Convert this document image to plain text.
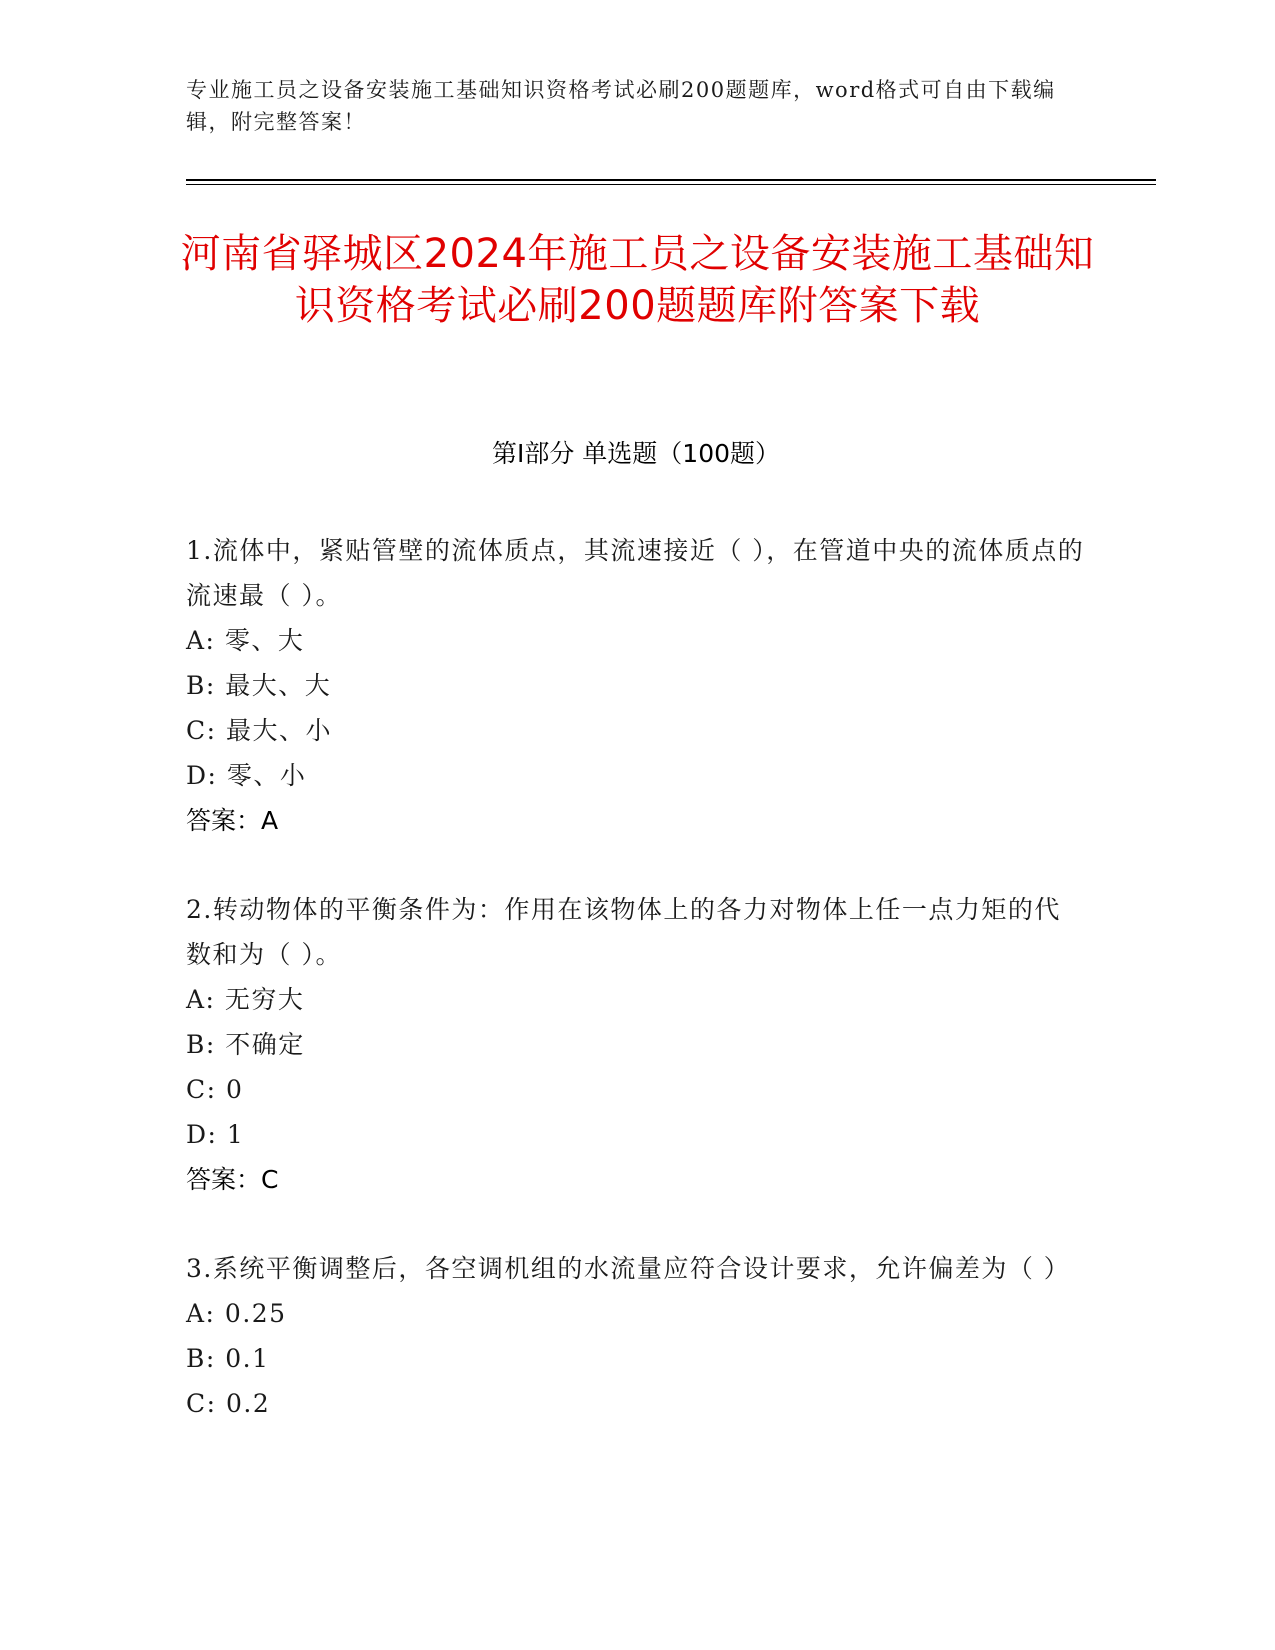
专业施工员之设备安装施工基础知识资格考试必刷200题题库，word格式可自由下载编辑，附完整答案！
河南省驿城区2024年施工员之设备安装施工基础知识资格考试必刷200题题库附答案下载
第I部分 单选题（100题）

1.流体中，紧贴管壁的流体质点，其流速接近（ ），在管道中央的流体质点的流速最（ ）。

A: 零、大

B: 最大、大

C: 最大、小

D: 零、小

答案：A

2.转动物体的平衡条件为：作用在该物体上的各力对物体上任一点力矩的代数和为（ ）。

A: 无穷大

B: 不确定

C: 0

D: 1

答案：C

3.系统平衡调整后，各空调机组的水流量应符合设计要求，允许偏差为（ ）

A: 0.25

B: 0.1

C: 0.2
